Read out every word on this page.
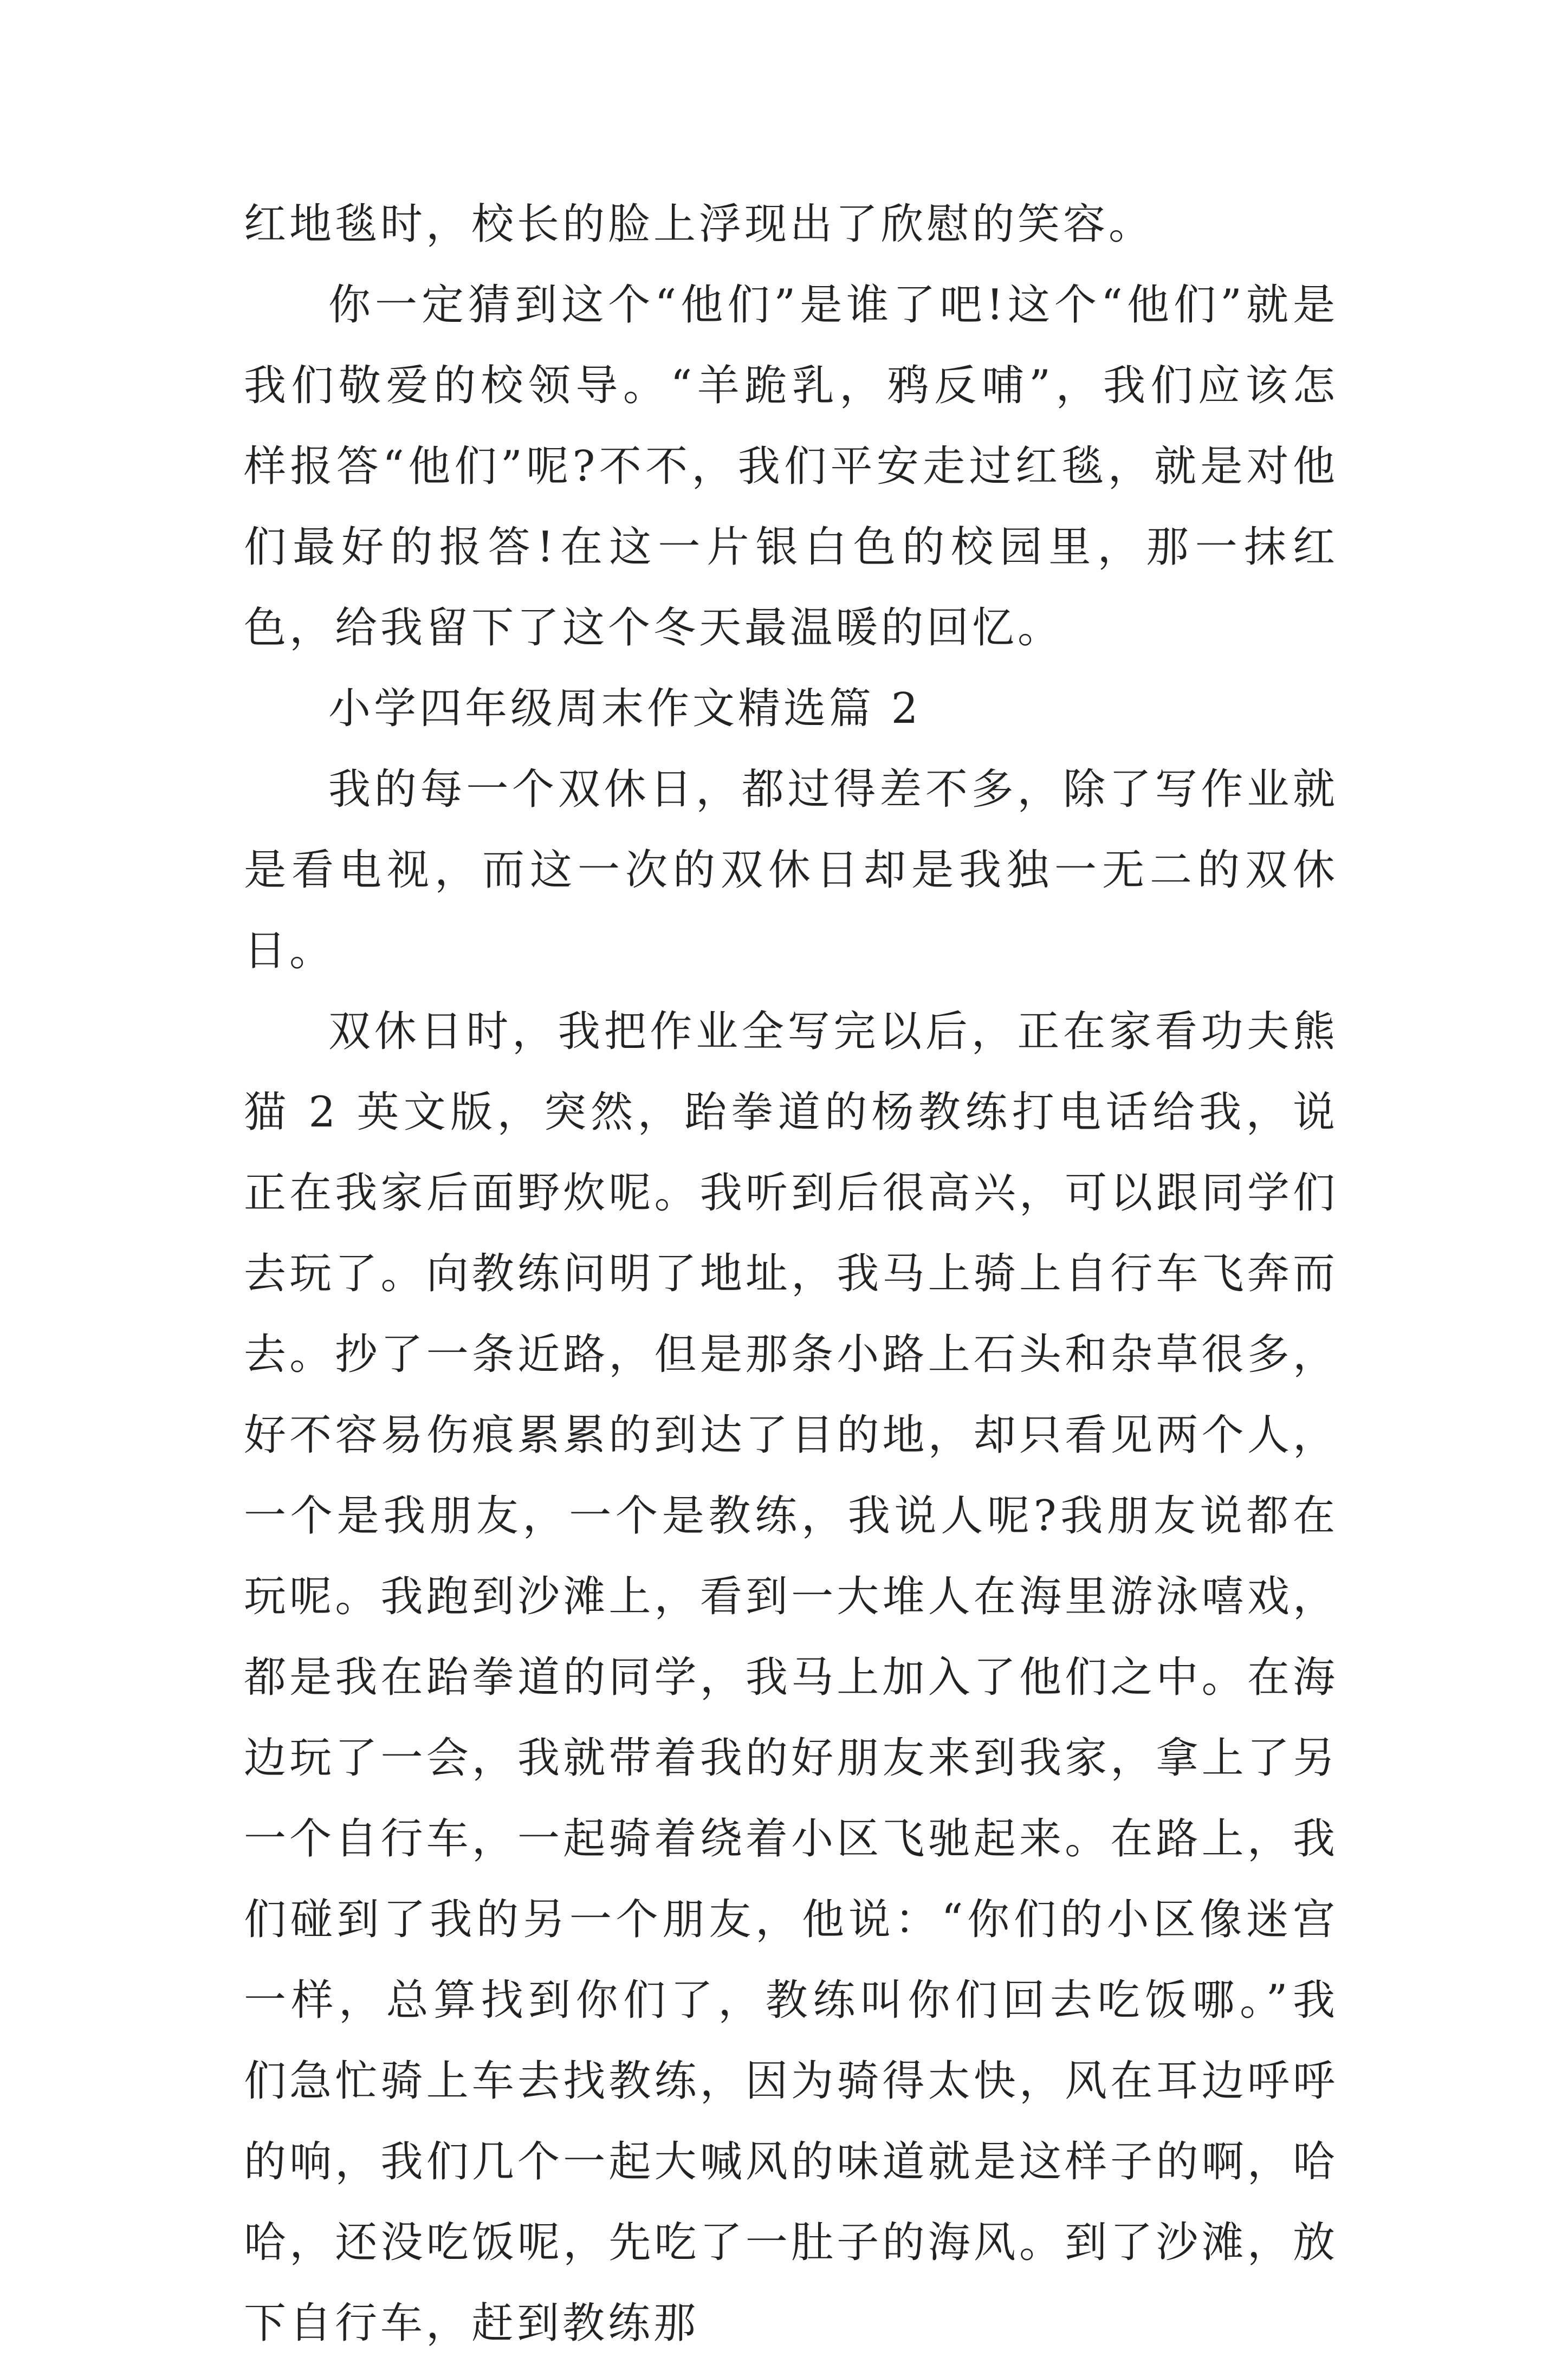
红地毯时，校长的脸上浮现出了欣慰的笑容。

你一定猜到这个“他们”是谁了吧!这个“他们”就是我们敬爱的校领导。“羊跪乳，鸦反哺”，我们应该怎样报答“他们”呢?不不，我们平安走过红毯，就是对他们最好的报答!在这一片银白色的校园里，那一抹红色，给我留下了这个冬天最温暖的回忆。

小学四年级周末作文精选篇 2

我的每一个双休日，都过得差不多，除了写作业就是看电视，而这一次的双休日却是我独一无二的双休日。

双休日时，我把作业全写完以后，正在家看功夫熊猫 2 英文版，突然，跆拳道的杨教练打电话给我，说正在我家后面野炊呢。我听到后很高兴，可以跟同学们去玩了。向教练问明了地址，我马上骑上自行车飞奔而去。抄了一条近路，但是那条小路上石头和杂草很多，好不容易伤痕累累的到达了目的地，却只看见两个人，一个是我朋友，一个是教练，我说人呢?我朋友说都在玩呢。我跑到沙滩上，看到一大堆人在海里游泳嘻戏，都是我在跆拳道的同学，我马上加入了他们之中。在海边玩了一会，我就带着我的好朋友来到我家，拿上了另一个自行车，一起骑着绕着小区飞驰起来。在路上，我们碰到了我的另一个朋友，他说：“你们的小区像迷宫一样，总算找到你们了，教练叫你们回去吃饭哪。”我们急忙骑上车去找教练，因为骑得太快，风在耳边呼呼的响，我们几个一起大喊风的味道就是这样子的啊，哈哈，还没吃饭呢，先吃了一肚子的海风。到了沙滩，放下自行车，赶到教练那
